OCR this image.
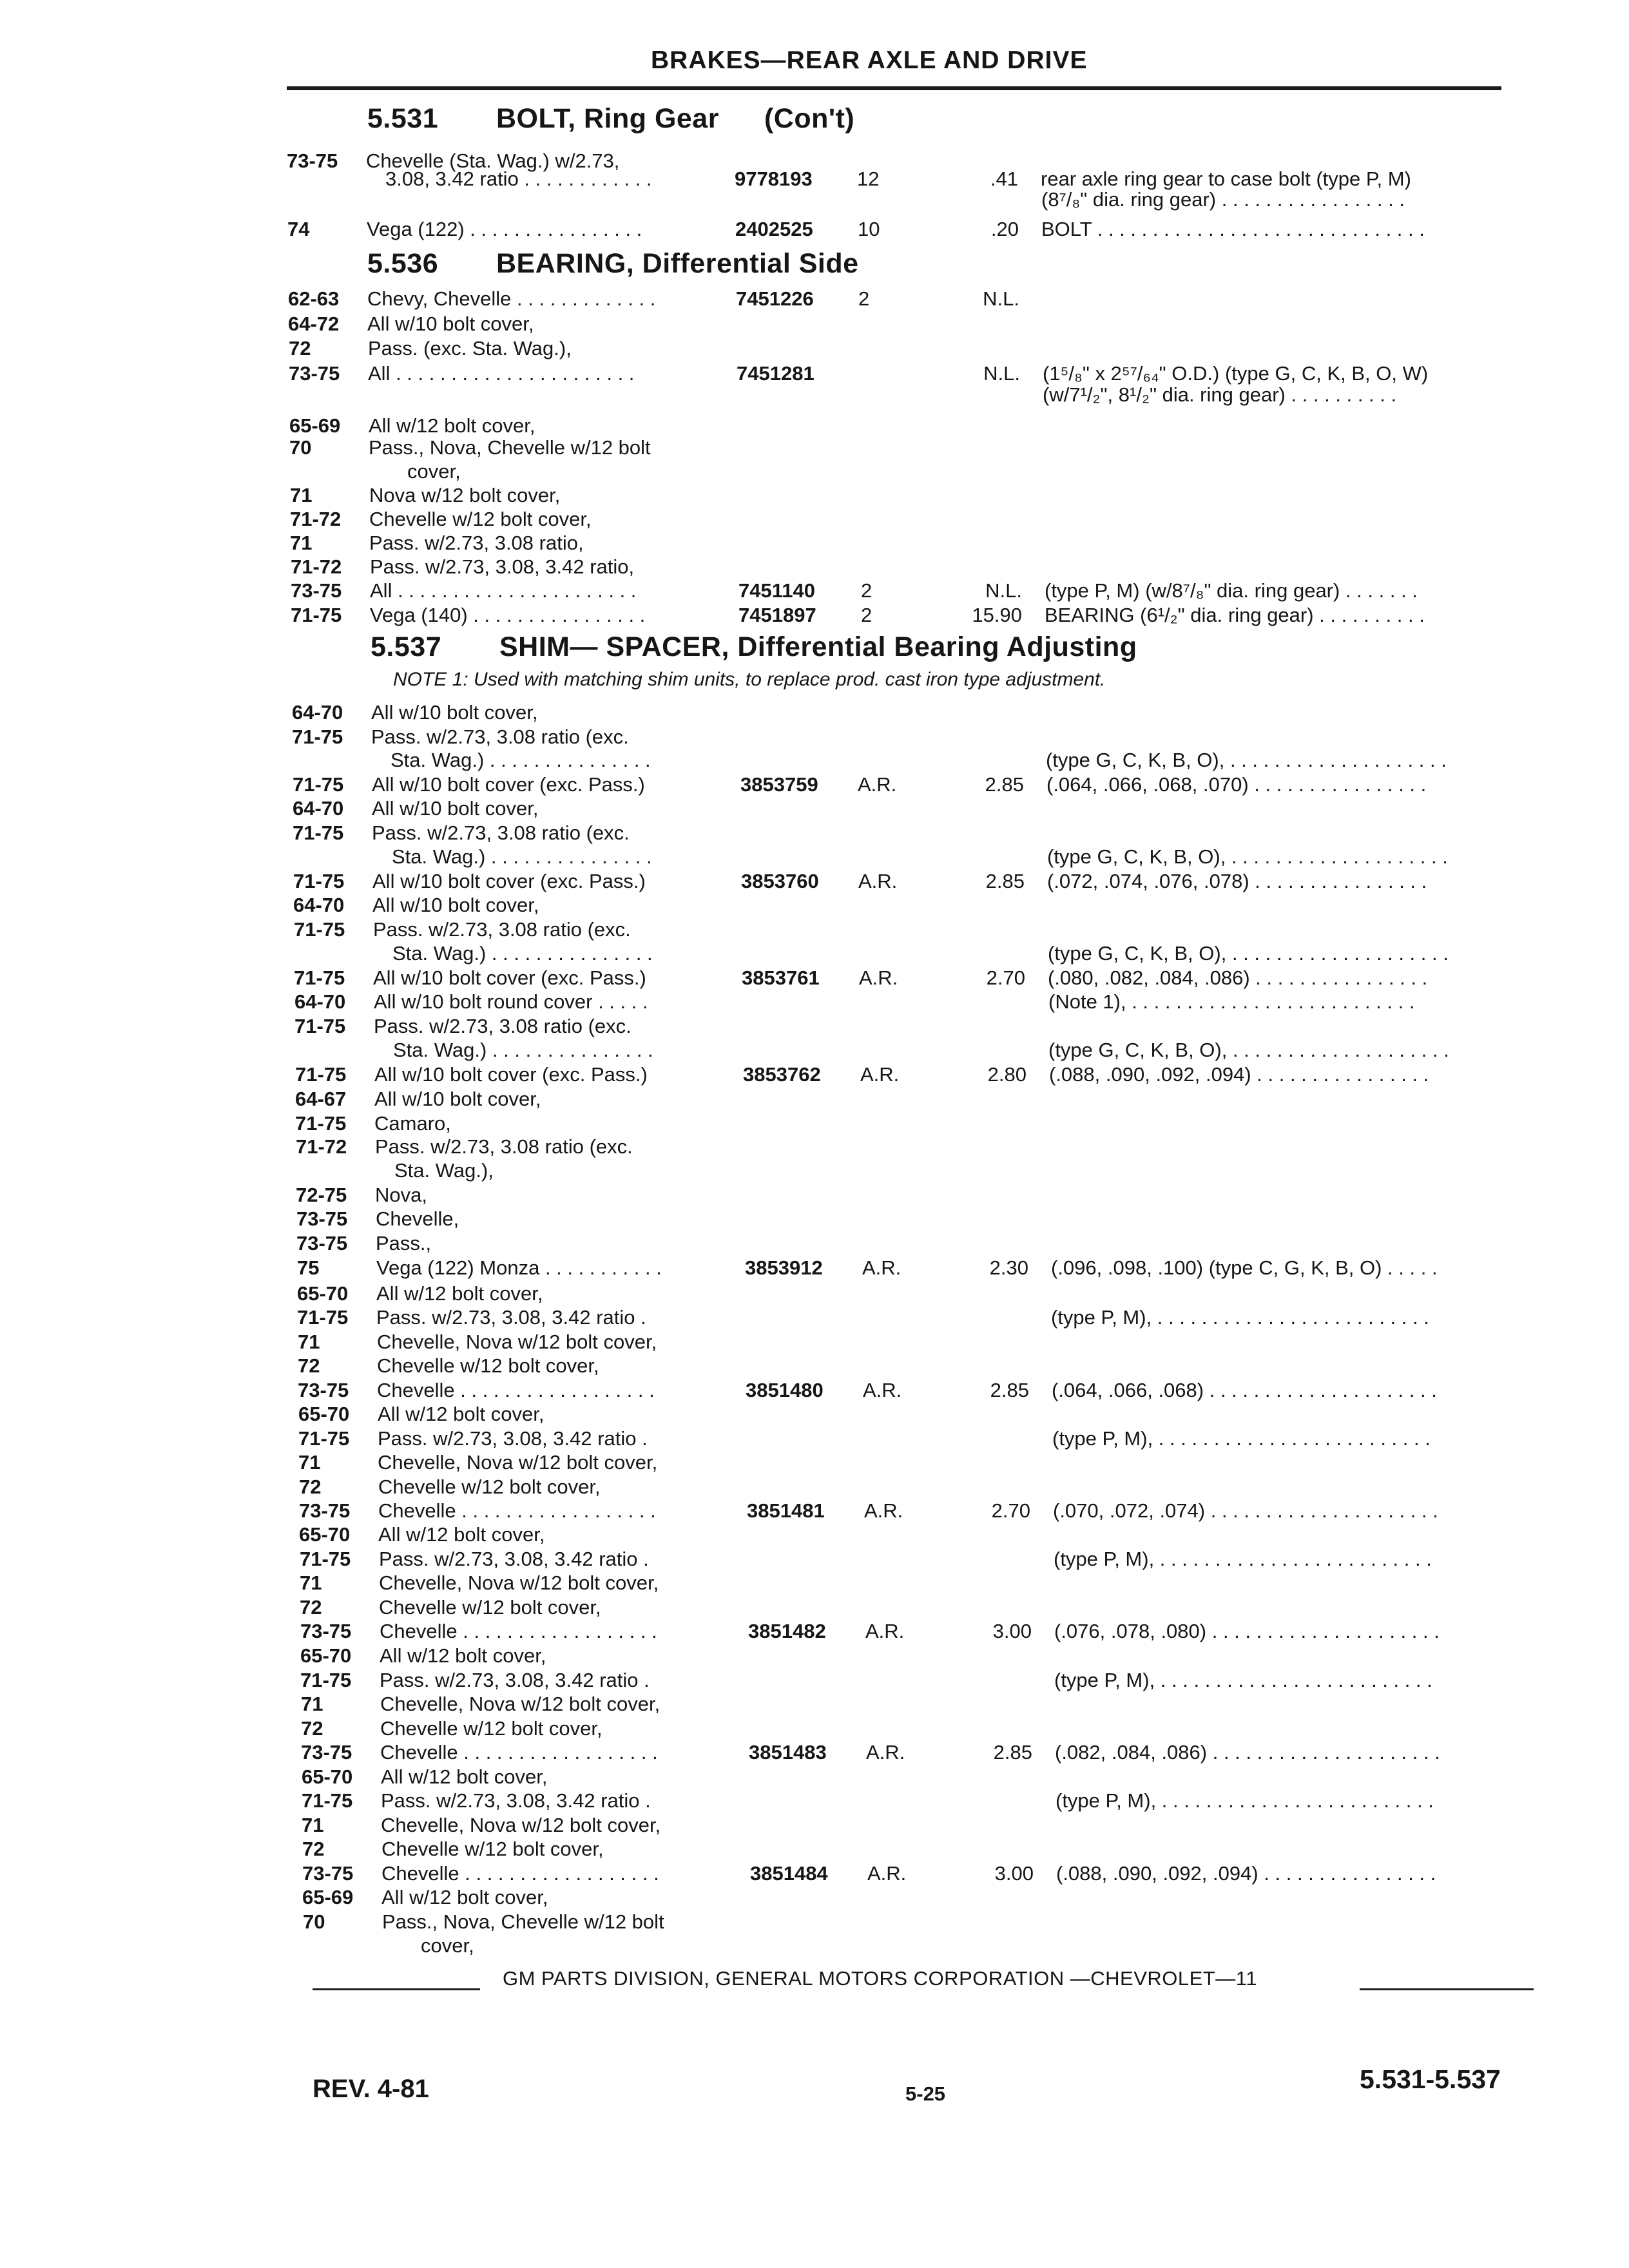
BRAKES—REAR AXLE AND DRIVE
5.531 BOLT, Ring Gear (Con't)
5.536 BEARING, Differential Side
5.537 SHIM— SPACER, Differential Bearing Adjusting
NOTE 1: Used with matching shim units, to replace prod. cast iron type adjustment.
73-75 Chevelle (Sta. Wag.) w/2.73,
3.08, 3.42 ratio . . . . . . . . . . . .	9778193 12	.41 rear axle ring gear to case bolt (type P, M)
(8⁷/₈" dia. ring gear) . . . . . . . . . . . . . . . . .
74	Vega (122) . . . . . . . . . . . . . . . .	2402525 10	.20 BOLT . . . . . . . . . . . . . . . . . . . . . . . . . . . . . .
62-63 Chevy, Chevelle . . . . . . . . . . . . .	7451226 2	N.L.
64-72 All w/10 bolt cover,
72	Pass. (exc. Sta. Wag.),
73-75 All . . . . . . . . . . . . . . . . . . . . . .	7451281	N.L. (1⁵/₈" x 2⁵⁷/₆₄" O.D.) (type G, C, K, B, O, W)
(w/7¹/₂", 8¹/₂" dia. ring gear) . . . . . . . . . .
65-69 All w/12 bolt cover,
70	Pass., Nova, Chevelle w/12 bolt
cover,
71	Nova w/12 bolt cover,
71-72 Chevelle w/12 bolt cover,
71	Pass. w/2.73, 3.08 ratio,
71-72 Pass. w/2.73, 3.08, 3.42 ratio,
73-75 All . . . . . . . . . . . . . . . . . . . . . .	7451140 2	N.L. (type P, M) (w/8⁷/₈" dia. ring gear) . . . . . . .
71-75 Vega (140) . . . . . . . . . . . . . . . .	7451897 2	15.90 BEARING (6¹/₂" dia. ring gear) . . . . . . . . . .
64-70 All w/10 bolt cover,
71-75 Pass. w/2.73, 3.08 ratio (exc.
Sta. Wag.) . . . . . . . . . . . . . . .	(type G, C, K, B, O), . . . . . . . . . . . . . . . . . . . .
71-75 All w/10 bolt cover (exc. Pass.)	3853759 A.R.	2.85 (.064, .066, .068, .070) . . . . . . . . . . . . . . . .
64-70 All w/10 bolt cover,
71-75 Pass. w/2.73, 3.08 ratio (exc.
Sta. Wag.) . . . . . . . . . . . . . . .	(type G, C, K, B, O), . . . . . . . . . . . . . . . . . . . .
71-75 All w/10 bolt cover (exc. Pass.)	3853760 A.R.	2.85 (.072, .074, .076, .078) . . . . . . . . . . . . . . . .
64-70 All w/10 bolt cover,
71-75 Pass. w/2.73, 3.08 ratio (exc.
Sta. Wag.) . . . . . . . . . . . . . . .	(type G, C, K, B, O), . . . . . . . . . . . . . . . . . . . .
71-75 All w/10 bolt cover (exc. Pass.)	3853761 A.R.	2.70 (.080, .082, .084, .086) . . . . . . . . . . . . . . . .
64-70 All w/10 bolt round cover . . . . .	(Note 1), . . . . . . . . . . . . . . . . . . . . . . . . . .
71-75 Pass. w/2.73, 3.08 ratio (exc.
Sta. Wag.) . . . . . . . . . . . . . . .	(type G, C, K, B, O), . . . . . . . . . . . . . . . . . . . .
71-75 All w/10 bolt cover (exc. Pass.)	3853762 A.R.	2.80 (.088, .090, .092, .094) . . . . . . . . . . . . . . . .
64-67 All w/10 bolt cover,
71-75 Camaro,
71-72 Pass. w/2.73, 3.08 ratio (exc.
Sta. Wag.),
72-75 Nova,
73-75 Chevelle,
73-75 Pass.,
75	Vega (122) Monza . . . . . . . . . . .	3853912 A.R.	2.30 (.096, .098, .100) (type C, G, K, B, O) . . . . .
65-70 All w/12 bolt cover,
71-75 Pass. w/2.73, 3.08, 3.42 ratio .	(type P, M), . . . . . . . . . . . . . . . . . . . . . . . . .
71	Chevelle, Nova w/12 bolt cover,
72	Chevelle w/12 bolt cover,
73-75 Chevelle . . . . . . . . . . . . . . . . . .	3851480 A.R.	2.85 (.064, .066, .068) . . . . . . . . . . . . . . . . . . . . .
65-70 All w/12 bolt cover,
71-75 Pass. w/2.73, 3.08, 3.42 ratio .	(type P, M), . . . . . . . . . . . . . . . . . . . . . . . . .
71	Chevelle, Nova w/12 bolt cover,
72	Chevelle w/12 bolt cover,
73-75 Chevelle . . . . . . . . . . . . . . . . . .	3851481 A.R.	2.70 (.070, .072, .074) . . . . . . . . . . . . . . . . . . . . .
65-70 All w/12 bolt cover,
71-75 Pass. w/2.73, 3.08, 3.42 ratio .	(type P, M), . . . . . . . . . . . . . . . . . . . . . . . . .
71	Chevelle, Nova w/12 bolt cover,
72	Chevelle w/12 bolt cover,
73-75 Chevelle . . . . . . . . . . . . . . . . . .	3851482 A.R.	3.00 (.076, .078, .080) . . . . . . . . . . . . . . . . . . . . .
65-70 All w/12 bolt cover,
71-75 Pass. w/2.73, 3.08, 3.42 ratio .	(type P, M), . . . . . . . . . . . . . . . . . . . . . . . . .
71	Chevelle, Nova w/12 bolt cover,
72	Chevelle w/12 bolt cover,
73-75 Chevelle . . . . . . . . . . . . . . . . . .	3851483 A.R.	2.85 (.082, .084, .086) . . . . . . . . . . . . . . . . . . . . .
65-70 All w/12 bolt cover,
71-75 Pass. w/2.73, 3.08, 3.42 ratio .	(type P, M), . . . . . . . . . . . . . . . . . . . . . . . . .
71	Chevelle, Nova w/12 bolt cover,
72	Chevelle w/12 bolt cover,
73-75 Chevelle . . . . . . . . . . . . . . . . . .	3851484 A.R.	3.00 (.088, .090, .092, .094) . . . . . . . . . . . . . . . .
65-69 All w/12 bolt cover,
70	Pass., Nova, Chevelle w/12 bolt
cover,
GM PARTS DIVISION, GENERAL MOTORS CORPORATION —CHEVROLET—11
REV. 4-81	5-25	5.531-5.537
